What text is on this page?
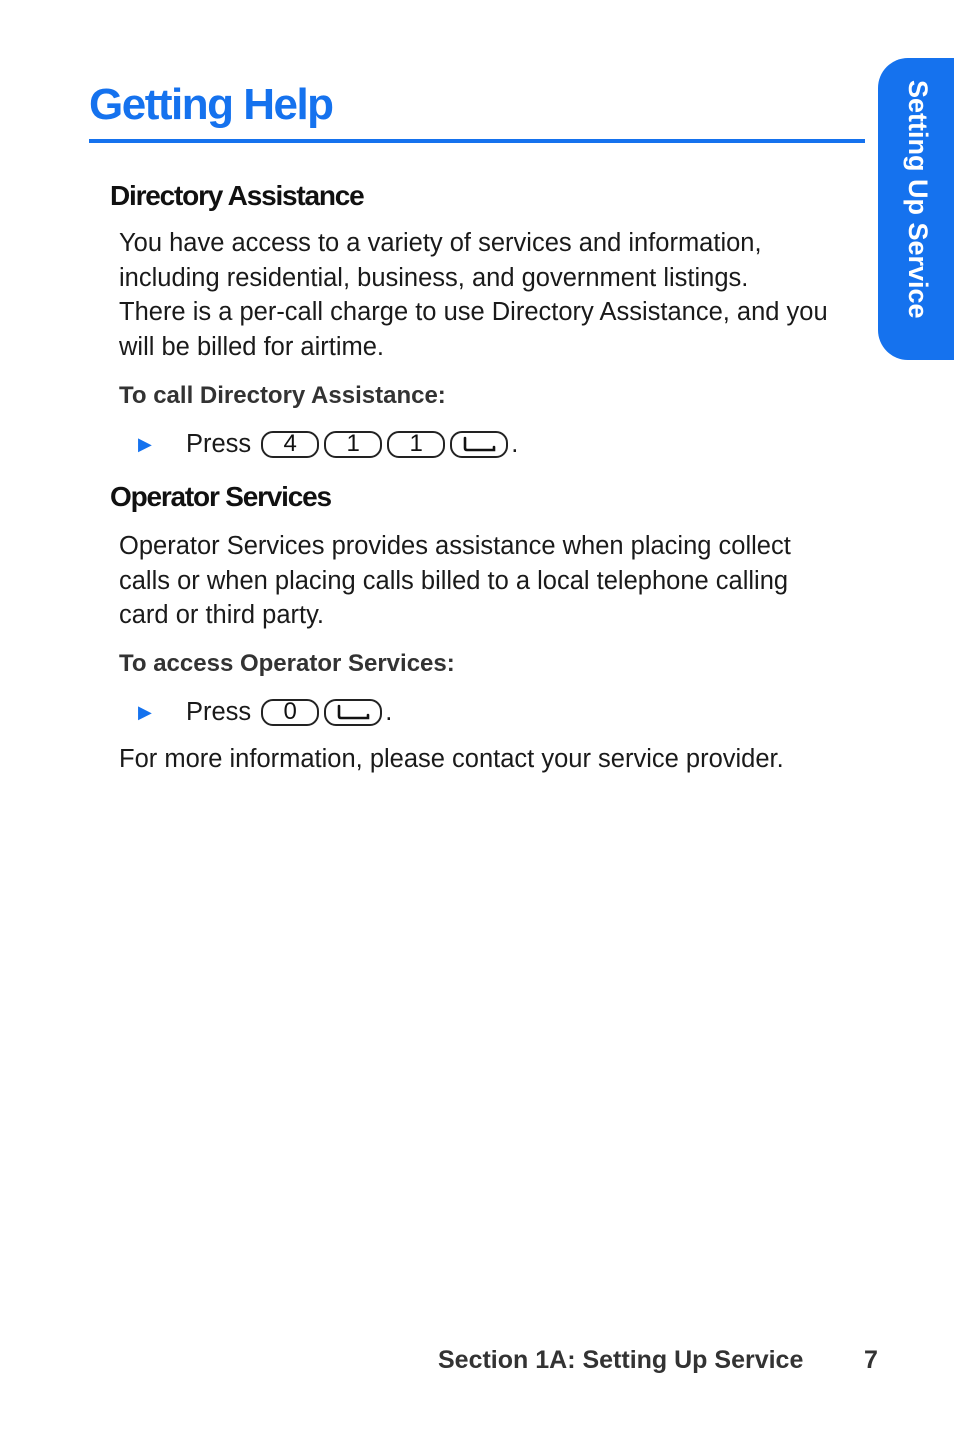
Getting Help	Setting Up Service
Directory Assistance
You have access to a variety of services and information,
including residential, business, and government listings.
There is a per-call charge to use Directory Assistance, and you
will be billed for airtime.
To call Directory Assistance:
▶	Press	4	1	1	.
Operator Services
Operator Services provides assistance when placing collect
calls or when placing calls billed to a local telephone calling
card or third party.
To access Operator Services:
▶	Press	0	.
For more information, please contact your service provider.
Section 1A: Setting Up Service 7
